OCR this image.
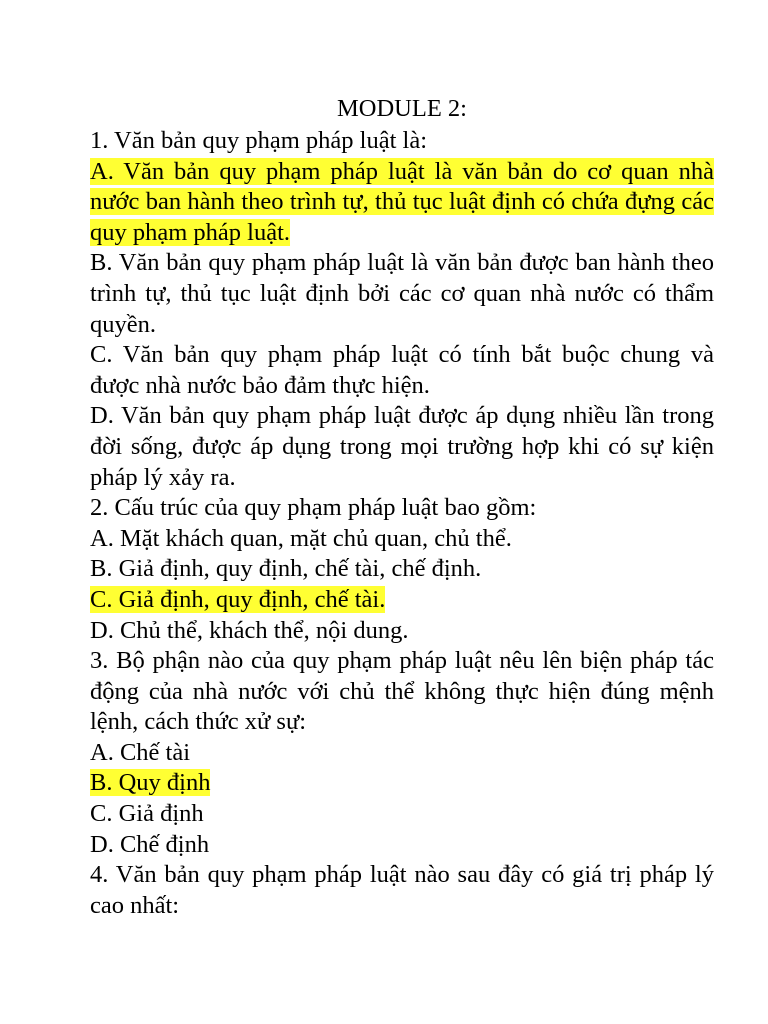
MODULE 2:

1. Văn bản quy phạm pháp luật là:

A. Văn bản quy phạm pháp luật là văn bản do cơ quan nhà nước ban hành theo trình tự, thủ tục luật định có chứa đựng các quy phạm pháp luật.

B. Văn bản quy phạm pháp luật là văn bản được ban hành theo trình tự, thủ tục luật định bởi các cơ quan nhà nước có thẩm quyền.

C. Văn bản quy phạm pháp luật có tính bắt buộc chung và được nhà nước bảo đảm thực hiện.

D. Văn bản quy phạm pháp luật được áp dụng nhiều lần trong đời sống, được áp dụng trong mọi trường hợp khi có sự kiện pháp lý xảy ra.

2. Cấu trúc của quy phạm pháp luật bao gồm:

A. Mặt khách quan, mặt chủ quan, chủ thể.

B. Giả định, quy định, chế tài, chế định.

C. Giả định, quy định, chế tài.

D. Chủ thể, khách thể, nội dung.

3. Bộ phận nào của quy phạm pháp luật nêu lên biện pháp tác động của nhà nước với chủ thể không thực hiện đúng mệnh lệnh, cách thức xử sự:

A. Chế tài

B. Quy định

C. Giả định

D. Chế định

4. Văn bản quy phạm pháp luật nào sau đây có giá trị pháp lý cao nhất:
